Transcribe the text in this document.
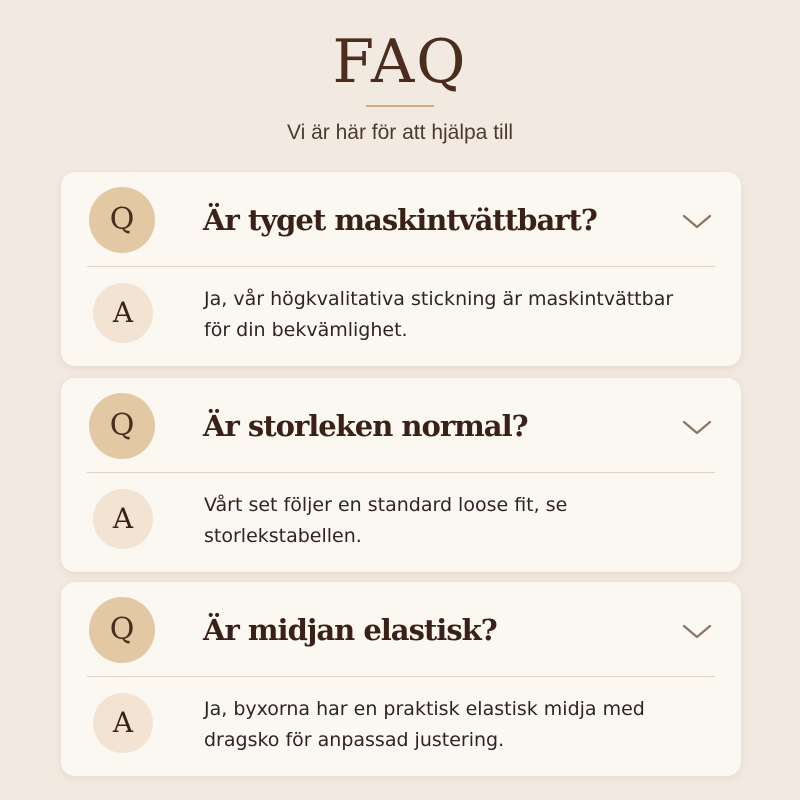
FAQ
Vi är här för att hjälpa till
Q	Är tyget maskintvättbart?
A	Ja, vår högkvalitativa stickning är maskintvättbar för din bekvämlighet.
Q	Är storleken normal?
A	Vårt set följer en standard loose fit, se storlekstabellen.
Q	Är midjan elastisk?
A	Ja, byxorna har en praktisk elastisk midja med dragsko för anpassad justering.
